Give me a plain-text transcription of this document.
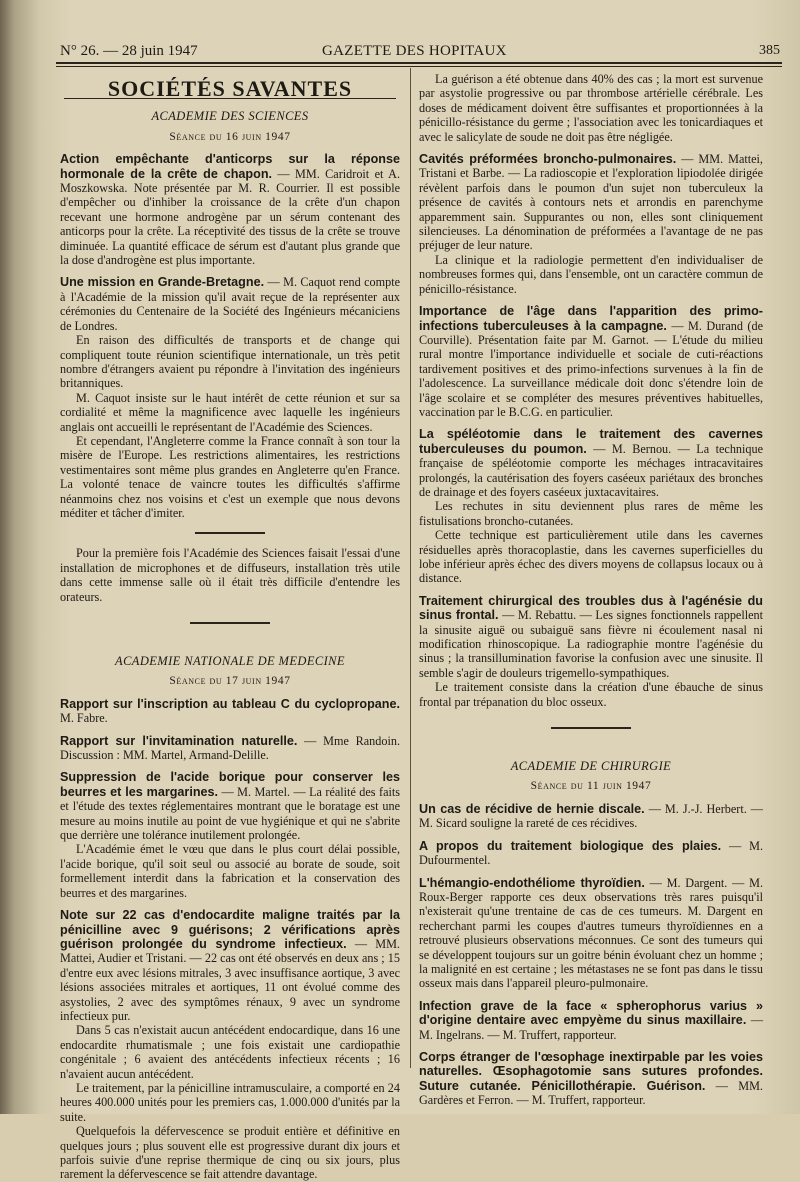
N° 26. — 28 juin 1947	GAZETTE DES HOPITAUX	385
SOCIÉTÉS SAVANTES
ACADEMIE DES SCIENCES
Séance du 16 juin 1947

Action empêchante d'anticorps sur la réponse hormonale de la crête de chapon. — MM. Caridroit et A. Moszkowska. Note présentée par M. R. Courrier. Il est possible d'empêcher ou d'inhiber la croissance de la crête d'un chapon recevant une hormone androgène par un sérum contenant des anticorps pour la crête. La réceptivité des tissus de la crête se trouve diminuée. La quantité efficace de sérum est d'autant plus grande que la dose d'androgène est plus importante.

Une mission en Grande-Bretagne. — M. Caquot rend compte à l'Académie de la mission qu'il avait reçue de la représenter aux cérémonies du Centenaire de la Société des Ingénieurs mécaniciens de Londres.

En raison des difficultés de transports et de change qui compliquent toute réunion scientifique internationale, un très petit nombre d'étrangers avaient pu répondre à l'invitation des ingénieurs britanniques.

M. Caquot insiste sur le haut intérêt de cette réunion et sur sa cordialité et même la magnificence avec laquelle les ingénieurs anglais ont accueilli le représentant de l'Académie des Sciences.

Et cependant, l'Angleterre comme la France connaît à son tour la misère de l'Europe. Les restrictions alimentaires, les restrictions vestimentaires sont même plus grandes en Angleterre qu'en France. La volonté tenace de vaincre toutes les difficultés s'affirme néanmoins chez nos voisins et c'est un exemple que nous devons méditer et tâcher d'imiter.

Pour la première fois l'Académie des Sciences faisait l'essai d'une installation de microphones et de diffuseurs, installation très utile dans cette immense salle où il était très difficile d'entendre les orateurs.

ACADEMIE NATIONALE DE MEDECINE
Séance du 17 juin 1947

Rapport sur l'inscription au tableau C du cyclopropane. M. Fabre.

Rapport sur l'invitamination naturelle. — Mme Randoin. Discussion : MM. Martel, Armand-Delille.

Suppression de l'acide borique pour conserver les beurres et les margarines. — M. Martel. — La réalité des faits et l'étude des textes réglementaires montrant que le boratage est une mesure au moins inutile au point de vue hygiénique et qui ne s'abrite que derrière une tolérance inutilement prolongée.

L'Académie émet le vœu que dans le plus court délai possible, l'acide borique, qu'il soit seul ou associé au borate de soude, soit formellement interdit dans la fabrication et la conservation des beurres et des margarines.

Note sur 22 cas d'endocardite maligne traités par la pénicilline avec 9 guérisons; 2 vérifications après guérison prolongée du syndrome infectieux. — MM. Mattei, Audier et Tristani. — 22 cas ont été observés en deux ans ; 15 d'entre eux avec lésions mitrales, 3 avec insuffisance aortique, 3 avec lésions associées mitrales et aortiques, 11 ont évolué comme des asystolies, 2 avec des symptômes rénaux, 9 avec un syndrome infectieux pur.

Dans 5 cas n'existait aucun antécédent endocardique, dans 16 une endocardite rhumatismale ; une fois existait une cardiopathie congénitale ; 6 avaient des antécédents infectieux récents ; 16 n'avaient aucun antécédent.

Le traitement, par la pénicilline intramusculaire, a comporté en 24 heures 400.000 unités pour les premiers cas, 1.000.000 d'unités par la suite.

Quelquefois la défervescence se produit entière et définitive en quelques jours ; plus souvent elle est progressive durant dix jours et parfois suivie d'une reprise thermique de cinq ou six jours, plus rarement la défervescence se fait attendre davantage.

La guérison a été obtenue dans 40% des cas ; la mort est survenue par asystolie progressive ou par thrombose artérielle cérébrale. Les doses de médicament doivent être suffisantes et proportionnées à la pénicillo-résistance du germe ; l'association avec les tonicardiaques et avec le salicylate de soude ne doit pas être négligée.

Cavités préformées broncho-pulmonaires. — MM. Mattei, Tristani et Barbe. — La radioscopie et l'exploration lipiodolée dirigée révèlent parfois dans le poumon d'un sujet non tuberculeux la présence de cavités à contours nets et arrondis en parenchyme apparemment sain. Suppurantes ou non, elles sont cliniquement silencieuses. La dénomination de préformées a l'avantage de ne pas préjuger de leur nature.

La clinique et la radiologie permettent d'en individualiser de nombreuses formes qui, dans l'ensemble, ont un caractère commun de pénicillo-résistance.

Importance de l'âge dans l'apparition des primo-infections tuberculeuses à la campagne. — M. Durand (de Courville). Présentation faite par M. Garnot. — L'étude du milieu rural montre l'importance individuelle et sociale de cuti-réactions tardivement positives et des primo-infections survenues à la fin de l'adolescence. La surveillance médicale doit donc s'étendre loin de l'âge scolaire et se compléter des mesures préventives habituelles, vaccination par le B.C.G. en particulier.

La spéléotomie dans le traitement des cavernes tuberculeuses du poumon. — M. Bernou. — La technique française de spéléotomie comporte les méchages intracavitaires prolongés, la cautérisation des foyers caséeux pariétaux des bronches de drainage et des foyers caséeux juxtacavitaires.

Les rechutes in situ deviennent plus rares de même les fistulisations broncho-cutanées.

Cette technique est particulièrement utile dans les cavernes résiduelles après thoracoplastie, dans les cavernes superficielles du lobe inférieur après échec des divers moyens de collapsus locaux ou à distance.

Traitement chirurgical des troubles dus à l'agénésie du sinus frontal. — M. Rebattu. — Les signes fonctionnels rappellent la sinusite aiguë ou subaiguë sans fièvre ni écoulement nasal ni modification rhinoscopique. La radiographie montre l'agénésie du sinus ; la transillumination favorise la confusion avec une sinusite. Il semble s'agir de douleurs trigemello-sympathiques.

Le traitement consiste dans la création d'une ébauche de sinus frontal par trépanation du bloc osseux.

ACADEMIE DE CHIRURGIE
Séance du 11 juin 1947

Un cas de récidive de hernie discale. — M. J.-J. Herbert. — M. Sicard souligne la rareté de ces récidives.

A propos du traitement biologique des plaies. — M. Dufourmentel.

L'hémangio-endothéliome thyroïdien. — M. Dargent. — M. Roux-Berger rapporte ces deux observations très rares puisqu'il n'existerait qu'une trentaine de cas de ces tumeurs. M. Dargent en recherchant parmi les coupes d'autres tumeurs thyroïdiennes en a retrouvé plusieurs observations méconnues. Ce sont des tumeurs qui se développent toujours sur un goitre bénin évoluant chez un homme ; la malignité en est certaine ; les métastases ne se font pas dans le tissu osseux mais dans l'appareil pleuro-pulmonaire.

Infection grave de la face « spherophorus varius » d'origine dentaire avec empyème du sinus maxillaire. — M. Ingelrans. — M. Truffert, rapporteur.

Corps étranger de l'œsophage inextirpable par les voies naturelles. Œsophagotomie sans sutures profondes. Suture cutanée. Pénicillothérapie. Guérison. — MM. Gardères et Ferron. — M. Truffert, rapporteur.
